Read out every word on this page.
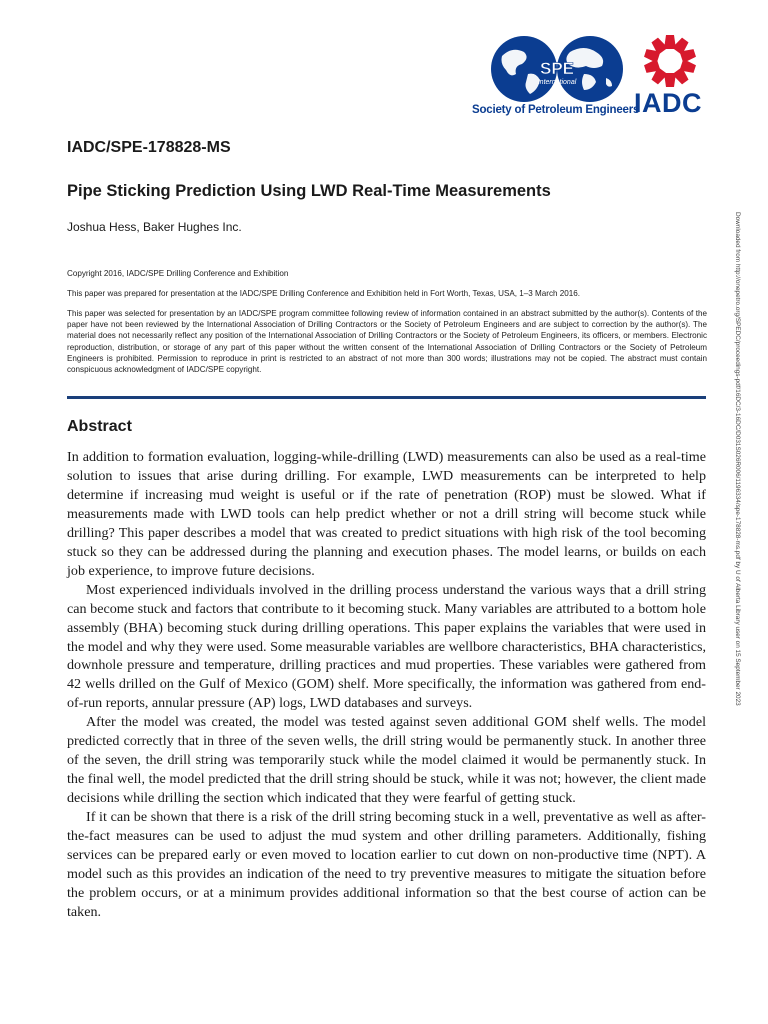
SPE
International
Society of Petroleum Engineers
IADC
IADC/SPE-178828-MS
Pipe Sticking Prediction Using LWD Real-Time Measurements
Joshua Hess, Baker Hughes Inc.
Copyright 2016, IADC/SPE Drilling Conference and Exhibition
This paper was prepared for presentation at the IADC/SPE Drilling Conference and Exhibition held in Fort Worth, Texas, USA, 1–3 March 2016.
This paper was selected for presentation by an IADC/SPE program committee following review of information contained in an abstract submitted by the author(s). Contents of the paper have not been reviewed by the International Association of Drilling Contractors or the Society of Petroleum Engineers and are subject to correction by the author(s). The material does not necessarily reflect any position of the International Association of Drilling Contractors or the Society of Petroleum Engineers, its officers, or members. Electronic reproduction, distribution, or storage of any part of this paper without the written consent of the International Association of Drilling Contractors or the Society of Petroleum Engineers is prohibited. Permission to reproduce in print is restricted to an abstract of not more than 300 words; illustrations may not be copied. The abstract must contain conspicuous acknowledgment of IADC/SPE copyright.
Abstract

In addition to formation evaluation, logging-while-drilling (LWD) measurements can also be used as a real-time solution to issues that arise during drilling. For example, LWD measurements can be interpreted to help determine if increasing mud weight is useful or if the rate of penetration (ROP) must be slowed. What if measurements made with LWD tools can help predict whether or not a drill string will become stuck while drilling? This paper describes a model that was created to predict situations with high risk of the tool becoming stuck so they can be addressed during the planning and execution phases. The model learns, or builds on each job experience, to improve future decisions.

Most experienced individuals involved in the drilling process understand the various ways that a drill string can become stuck and factors that contribute to it becoming stuck. Many variables are attributed to a bottom hole assembly (BHA) becoming stuck during drilling operations. This paper explains the variables that were used in the model and why they were used. Some measurable variables are wellbore characteristics, BHA characteristics, downhole pressure and temperature, drilling practices and mud properties. These variables were gathered from 42 wells drilled on the Gulf of Mexico (GOM) shelf. More specifically, the information was gathered from end-of-run reports, annular pressure (AP) logs, LWD databases and surveys.

After the model was created, the model was tested against seven additional GOM shelf wells. The model predicted correctly that in three of the seven wells, the drill string would be permanently stuck. In another three of the seven, the drill string was temporarily stuck while the model claimed it would be permanently stuck. In the final well, the model predicted that the drill string should be stuck, while it was not; however, the client made decisions while drilling the section which indicated that they were fearful of getting stuck.

If it can be shown that there is a risk of the drill string becoming stuck in a well, preventative as well as after-the-fact measures can be used to adjust the mud system and other drilling parameters. Additionally, fishing services can be prepared early or even moved to location earlier to cut down on non-productive time (NPT). A model such as this provides an indication of the need to try preventive measures to mitigate the situation before the problem occurs, or at a minimum provides additional information so that the best course of action can be taken.

Downloaded from http://onepetro.org/SPEDC/proceedings-pdf/16DC/3-16DC/D031S026R006/1196334/spe-178828-ms.pdf by U of Alberta Library user on 15 September 2023
